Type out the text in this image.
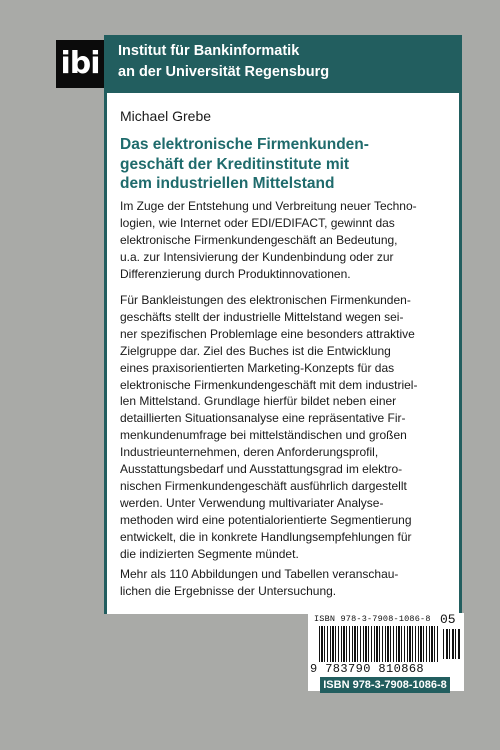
ibi	Institut für Bankinformatik
an der Universität Regensburg
Michael Grebe
Das elektronische Firmenkunden-
geschäft der Kreditinstitute mit
dem industriellen Mittelstand
Im Zuge der Entstehung und Verbreitung neuer Techno-
logien, wie Internet oder EDI/EDIFACT, gewinnt das
elektronische Firmenkundengeschäft an Bedeutung,
u.a. zur Intensivierung der Kundenbindung oder zur
Differenzierung durch Produktinnovationen.
Für Bankleistungen des elektronischen Firmenkunden-
geschäfts stellt der industrielle Mittelstand wegen sei-
ner spezifischen Problemlage eine besonders attraktive
Zielgruppe dar. Ziel des Buches ist die Entwicklung
eines praxisorientierten Marketing-Konzepts für das
elektronische Firmenkundengeschäft mit dem industriel-
len Mittelstand. Grundlage hierfür bildet neben einer
detaillierten Situationsanalyse eine repräsentative Fir-
menkundenumfrage bei mittelständischen und großen
Industrieunternehmen, deren Anforderungsprofil,
Ausstattungsbedarf und Ausstattungsgrad im elektro-
nischen Firmenkundengeschäft ausführlich dargestellt
werden. Unter Verwendung multivariater Analyse-
methoden wird eine potentialorientierte Segmentierung
entwickelt, die in konkrete Handlungsempfehlungen für
die indizierten Segmente mündet.
Mehr als 110 Abbildungen und Tabellen veranschau-
lichen die Ergebnisse der Untersuchung.
ISBN 978-3-7908-1086-8 05
9 783790 810868
ISBN 978-3-7908-1086-8
